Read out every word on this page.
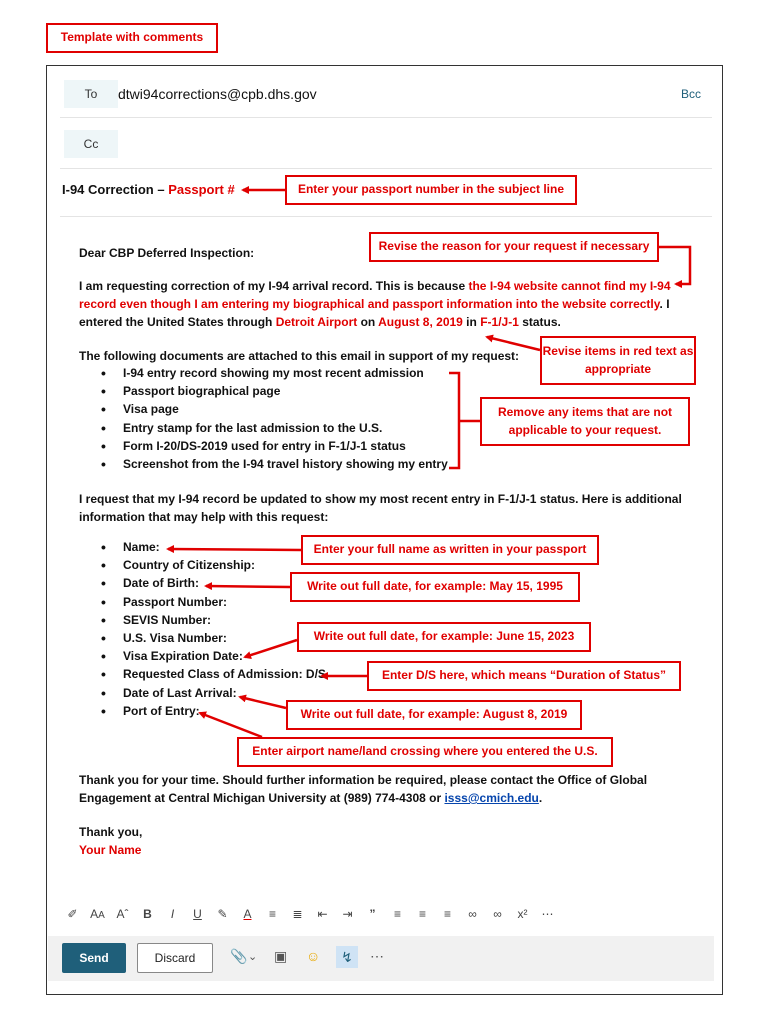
Template with comments
To dtwi94corrections@cpb.dhs.gov	Bcc
Cc
I-94 Correction – Passport #
Dear CBP Deferred Inspection:
I am requesting correction of my I-94 arrival record. This is because the I-94 website cannot find my I-94 record even though I am entering my biographical and passport information into the website correctly. I entered the United States through Detroit Airport on August 8, 2019 in F-1/J-1 status.
The following documents are attached to this email in support of my request:
• I-94 entry record showing my most recent admission
• Passport biographical page
• Visa page
• Entry stamp for the last admission to the U.S.
• Form I-20/DS-2019 used for entry in F-1/J-1 status
• Screenshot from the I-94 travel history showing my entry
I request that my I-94 record be updated to show my most recent entry in F-1/J-1 status. Here is additional information that may help with this request:
• Name:
• Country of Citizenship:
• Date of Birth:
• Passport Number:
• SEVIS Number:
• U.S. Visa Number:
• Visa Expiration Date:
• Requested Class of Admission: D/S
• Date of Last Arrival:
• Port of Entry:
Thank you for your time. Should further information be required, please contact the Office of Global Engagement at Central Michigan University at (989) 774-4308 or isss@cmich.edu.
Thank you,
Your Name
Enter your passport number in the subject line
Revise the reason for your request if necessary
Revise items in red text as appropriate
Remove any items that are not applicable to your request.
Enter your full name as written in your passport
Write out full date, for example: May 15, 1995
Write out full date, for example: June 15, 2023
Enter D/S here, which means “Duration of Status”
Write out full date, for example: August 8, 2019
Enter airport name/land crossing where you entered the U.S.
✐	AA Aˆ	B	I	U	✎	A	≡	≣	⇤	⇥	”	≡	≡	≡	∞	∞	x²	⋯
Send	Discard 📎 ⌄ ▣ ☺	↯	⋯
